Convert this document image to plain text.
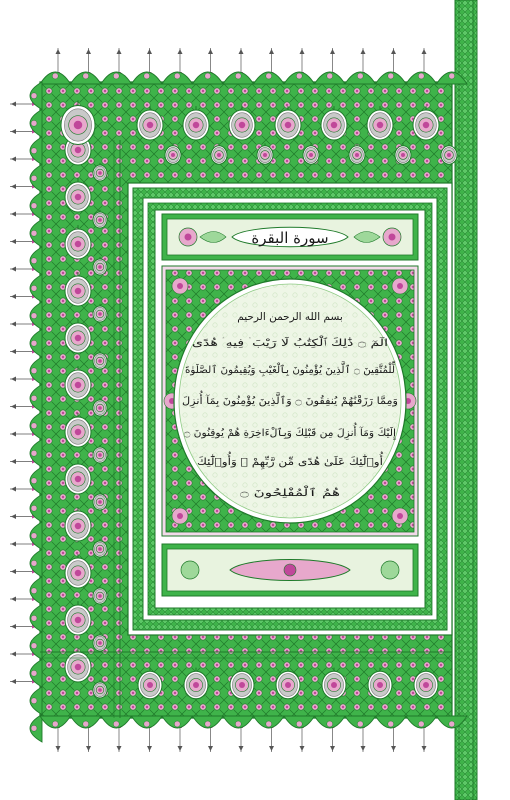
سورة البقرة
بسم الله الرحمن الرحيم
الٓمٓ ۝ ذَٰلِكَ ٱلْكِتَٰبُ لَا رَيْبَ ۛ فِيهِ ۛ هُدًى
لِّلْمُتَّقِينَ ۝ ٱلَّذِينَ يُؤْمِنُونَ بِٱلْغَيْبِ وَيُقِيمُونَ ٱلصَّلَوٰةَ
وَمِمَّا رَزَقْنَٰهُمْ يُنفِقُونَ ۝ وَٱلَّذِينَ يُؤْمِنُونَ بِمَآ أُنزِلَ
إِلَيْكَ وَمَآ أُنزِلَ مِن قَبْلِكَ وَبِٱلْءَاخِرَةِ هُمْ يُوقِنُونَ ۝
أُو۟لَٰٓئِكَ عَلَىٰ هُدًى مِّن رَّبِّهِمْ ۖ وَأُو۟لَٰٓئِكَ
هُمُ ٱلْمُفْلِحُونَ ۝
